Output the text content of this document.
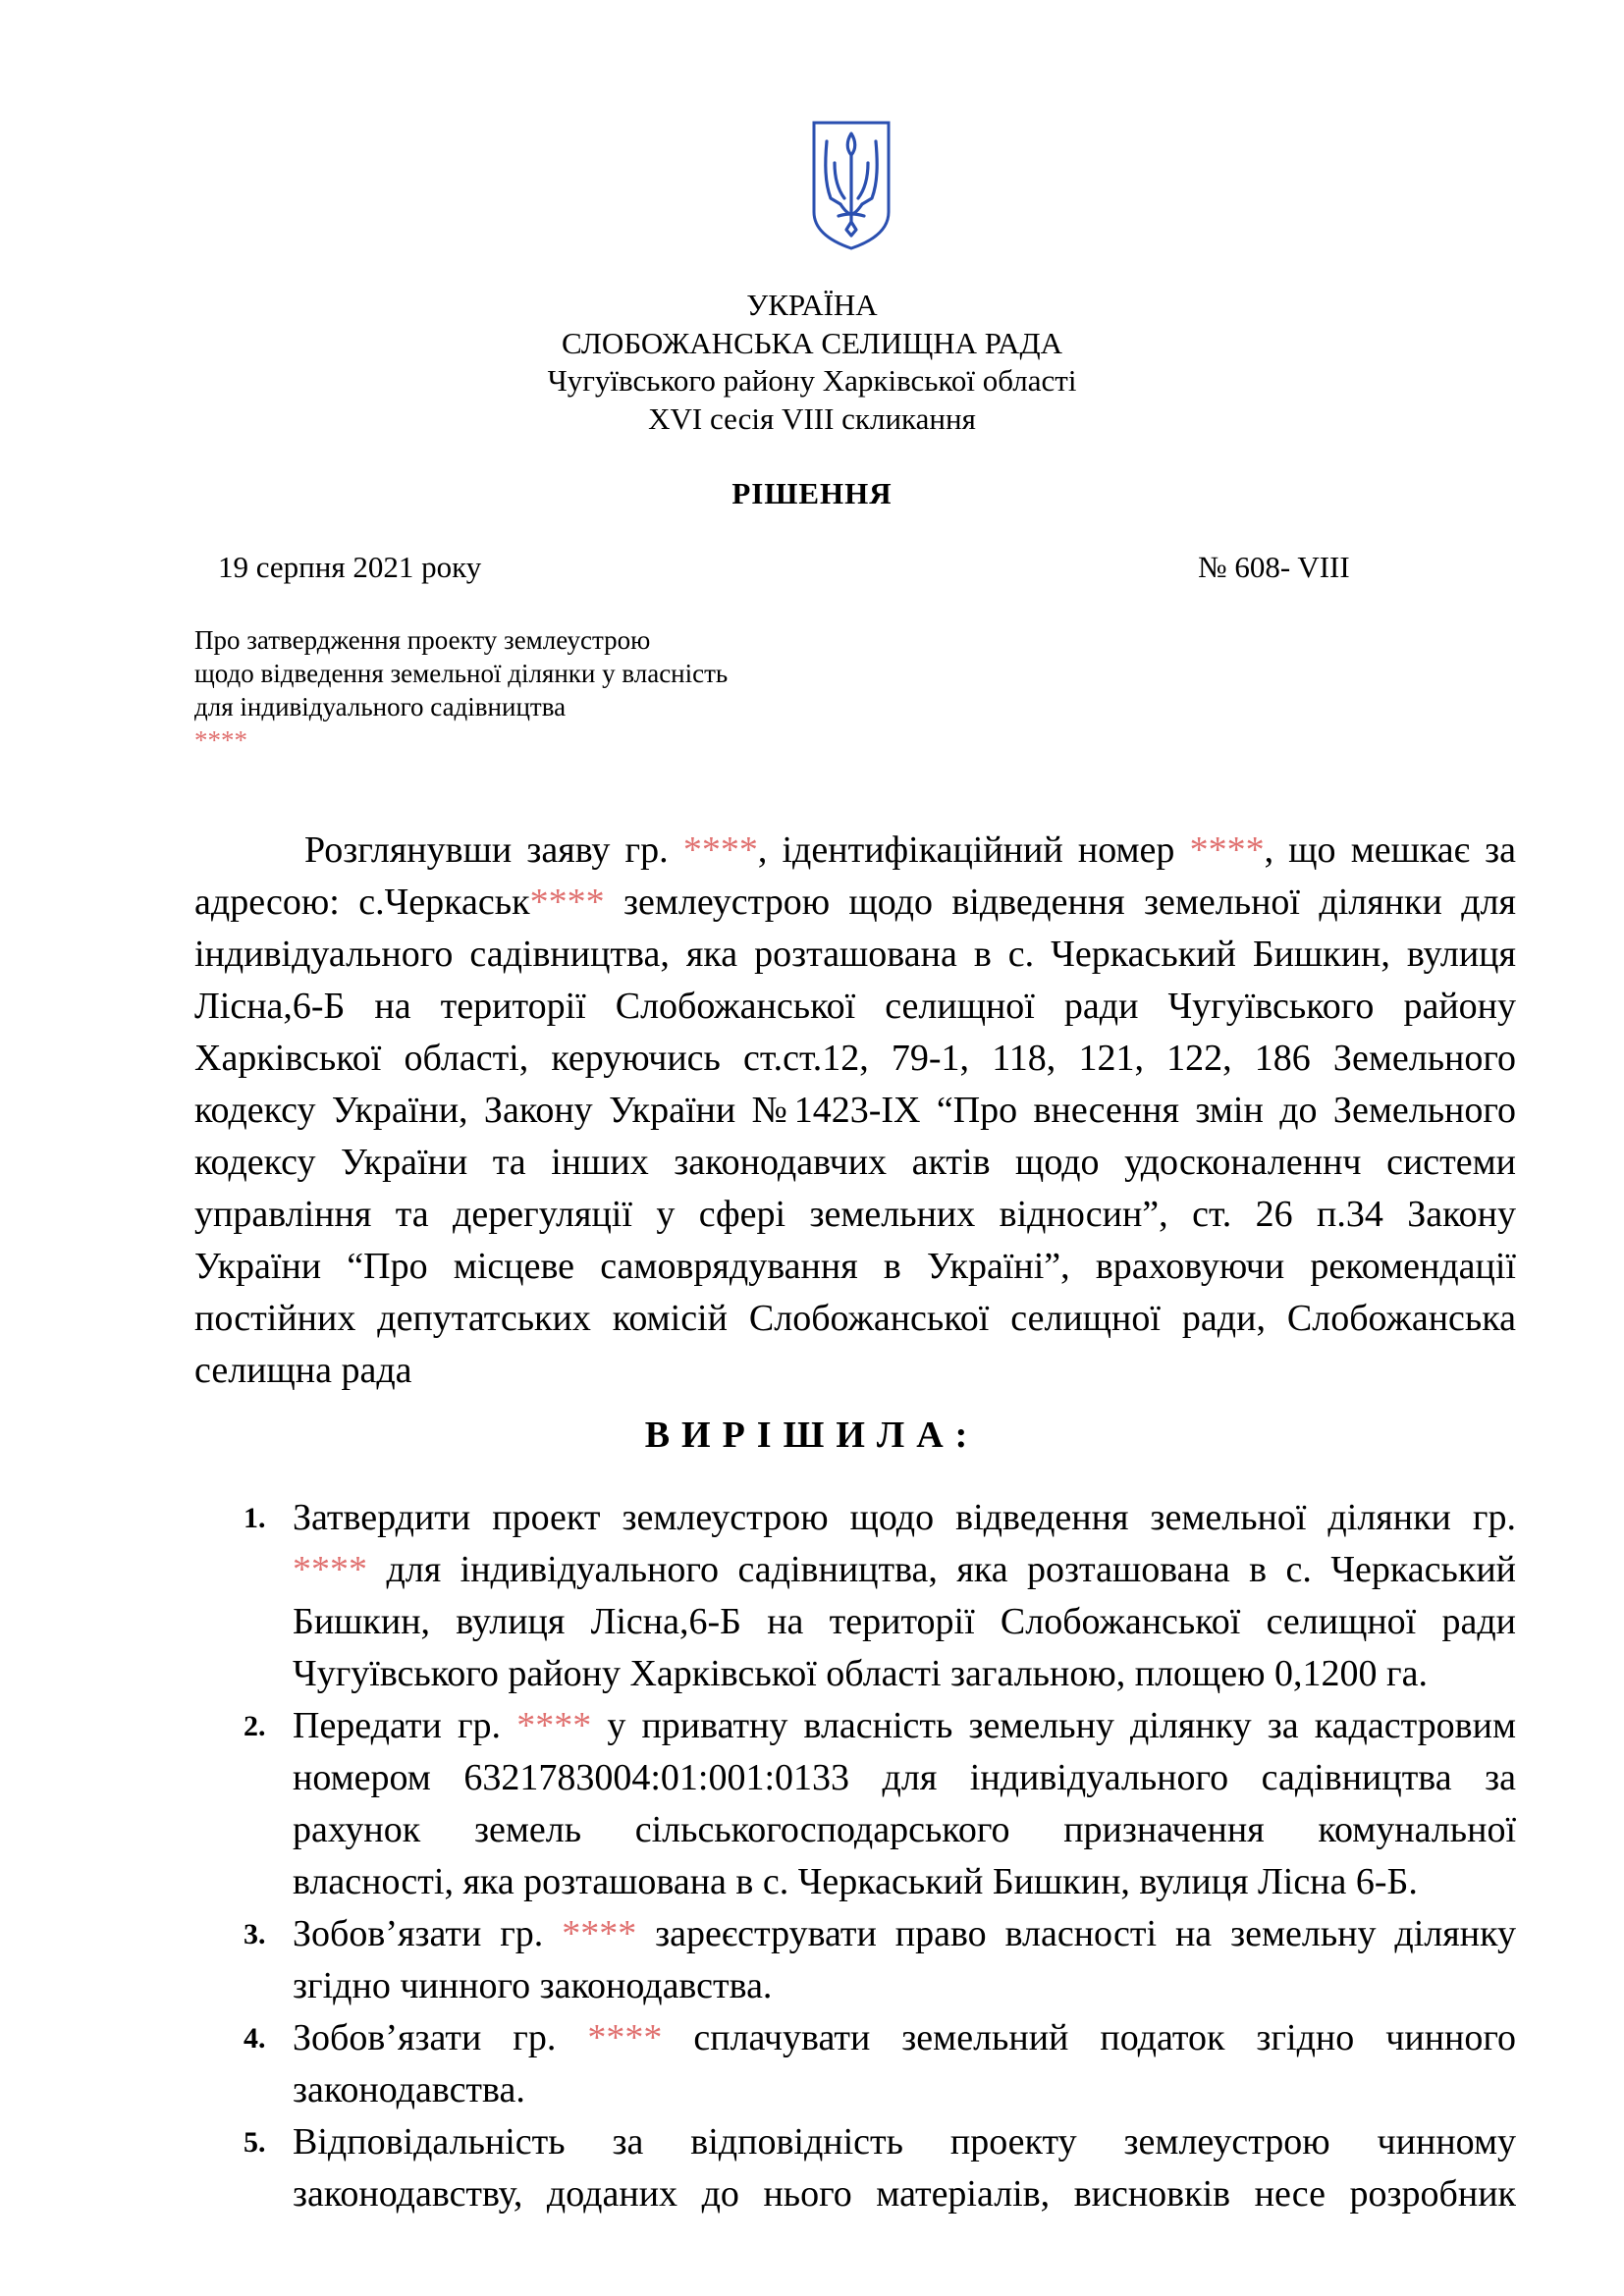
УКРАЇНА
СЛОБОЖАНСЬКА СЕЛИЩНА РАДА
Чугуївського району Харківської області
XVI сесія VIII скликання
РІШЕННЯ
19 серпня 2021 року	№ 608- VIII
Про затвердження проекту землеустрою
щодо відведення земельної ділянки у власність
для індивідуального садівництва
****
Розглянувши заяву гр. ****, ідентифікаційний номер ****, що мешкає за
адресою: с.Черкаськ**** землеустрою щодо відведення земельної ділянки для
індивідуального садівництва, яка розташована в с. Черкаський Бишкин, вулиця
Лісна,6-Б на території Слобожанської селищної ради Чугуївського району
Харківської області, керуючись ст.ст.12, 79-1, 118, 121, 122, 186 Земельного
кодексу України, Закону України №1423-IX “Про внесення змін до Земельного
кодексу України та інших законодавчих актів щодо удосконаленнч системи
управління та дерегуляції у сфері земельних відносин”, ст. 26 п.34 Закону
України “Про місцеве самоврядування в Україні”, враховуючи рекомендації
постійних депутатських комісій Слобожанської селищної ради, Слобожанська
селищна рада
ВИРІШИЛА:
1. Затвердити проект землеустрою щодо відведення земельної ділянки гр.
**** для індивідуального садівництва, яка розташована в с. Черкаський
Бишкин, вулиця Лісна,6-Б на території Слобожанської селищної ради
Чугуївського району Харківської області загальною, площею 0,1200 га.
2. Передати гр. **** у приватну власність земельну ділянку за кадастровим
номером 6321783004:01:001:0133 для індивідуального садівництва за
рахунок земель сільськогосподарського призначення комунальної
власності, яка розташована в с. Черкаський Бишкин, вулиця Лісна 6-Б.
3. Зобов’язати гр. **** зареєструвати право власності на земельну ділянку
згідно чинного законодавства.
4. Зобов’язати гр. **** сплачувати земельний податок згідно чинного
законодавства.
5. Відповідальність за відповідність проекту землеустрою чинному
законодавству, доданих до нього матеріалів, висновків несе розробник
